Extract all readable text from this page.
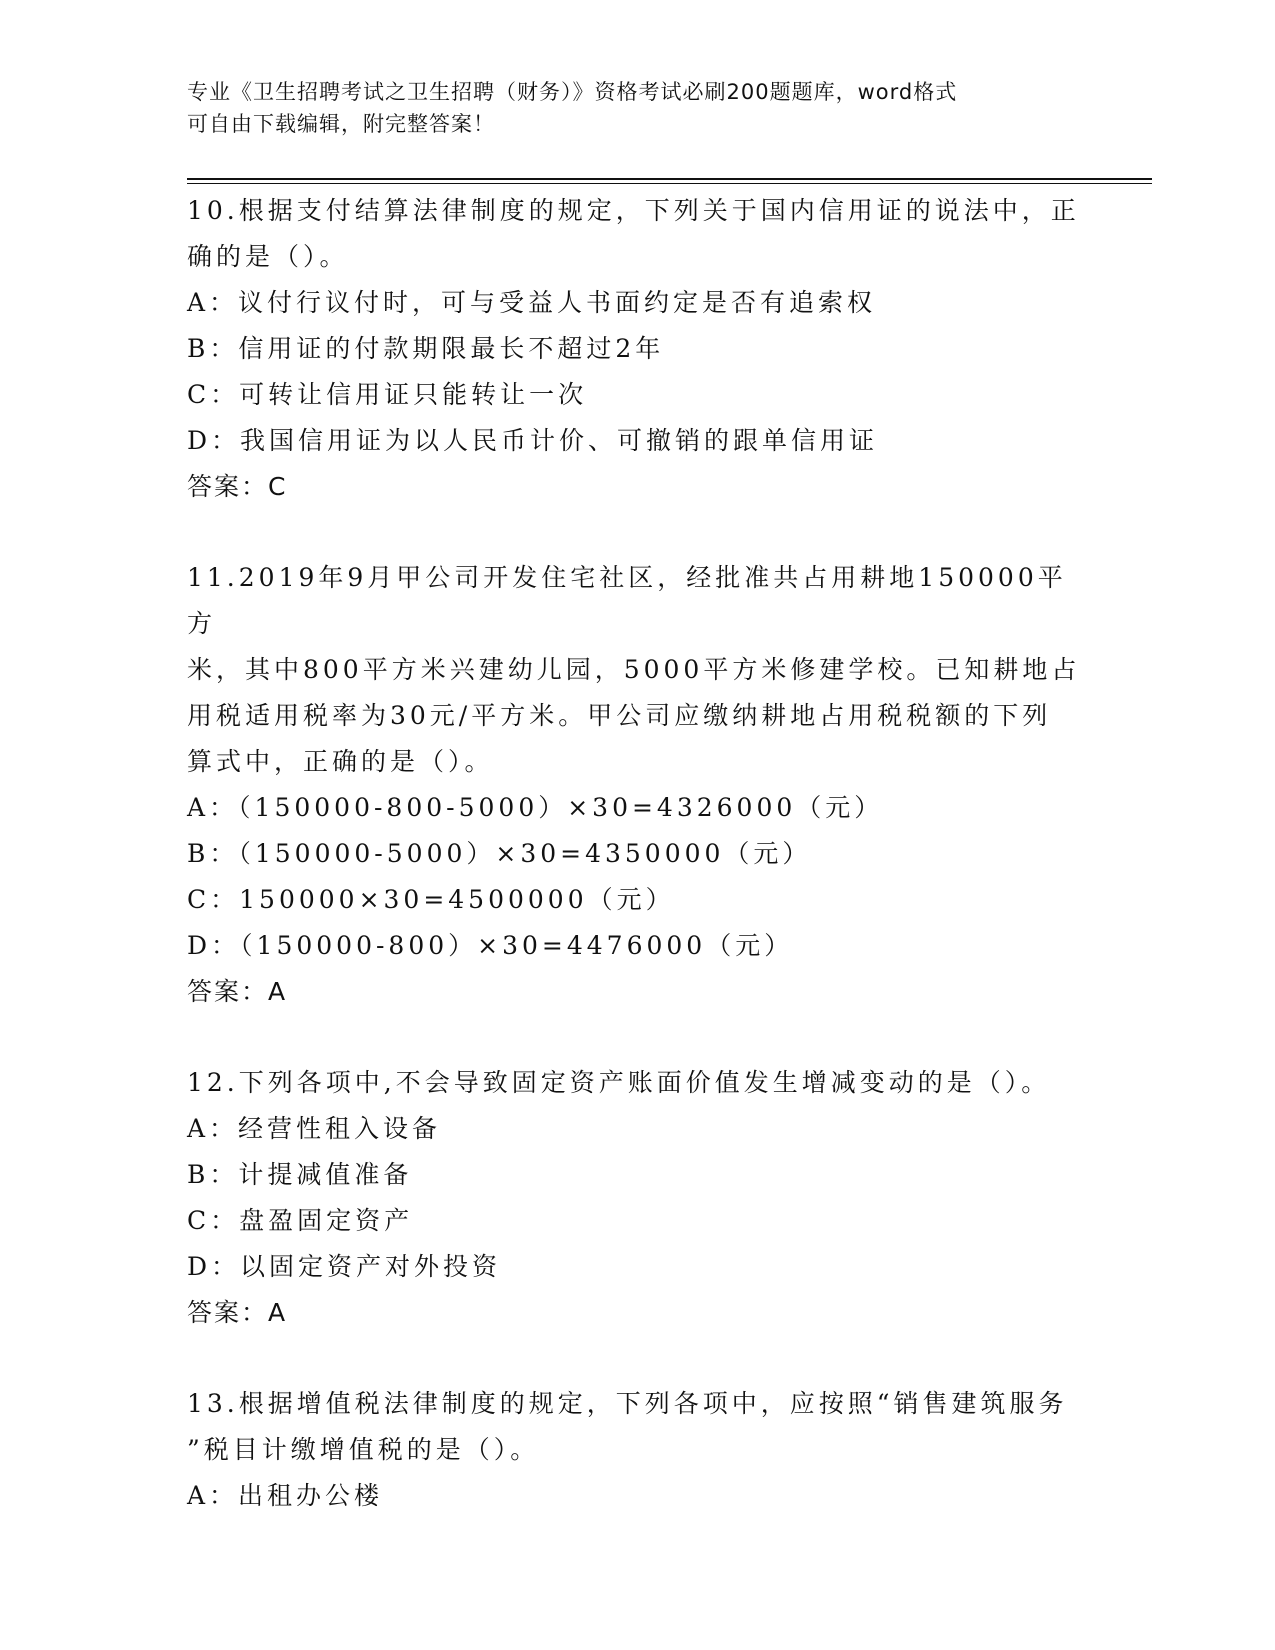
专业《卫生招聘考试之卫生招聘（财务）》资格考试必刷200题题库，word格式
可自由下载编辑，附完整答案！

10.根据支付结算法律制度的规定，下列关于国内信用证的说法中，正

确的是（）。

A：议付行议付时，可与受益人书面约定是否有追索权

B：信用证的付款期限最长不超过2年

C：可转让信用证只能转让一次

D：我国信用证为以人民币计价、可撤销的跟单信用证

答案：C

11.2019年9月甲公司开发住宅社区，经批准共占用耕地150000平方

米，其中800平方米兴建幼儿园，5000平方米修建学校。已知耕地占

用税适用税率为30元/平方米。甲公司应缴纳耕地占用税税额的下列

算式中，正确的是（）。

A：（150000-800-5000）×30=4326000（元）

B：（150000-5000）×30=4350000（元）

C：150000×30=4500000（元）

D：（150000-800）×30=4476000（元）

答案：A

12.下列各项中,不会导致固定资产账面价值发生增减变动的是（）。

A：经营性租入设备

B：计提减值准备

C：盘盈固定资产

D：以固定资产对外投资

答案：A

13.根据增值税法律制度的规定，下列各项中，应按照“销售建筑服务

”税目计缴增值税的是（）。

A：出租办公楼
